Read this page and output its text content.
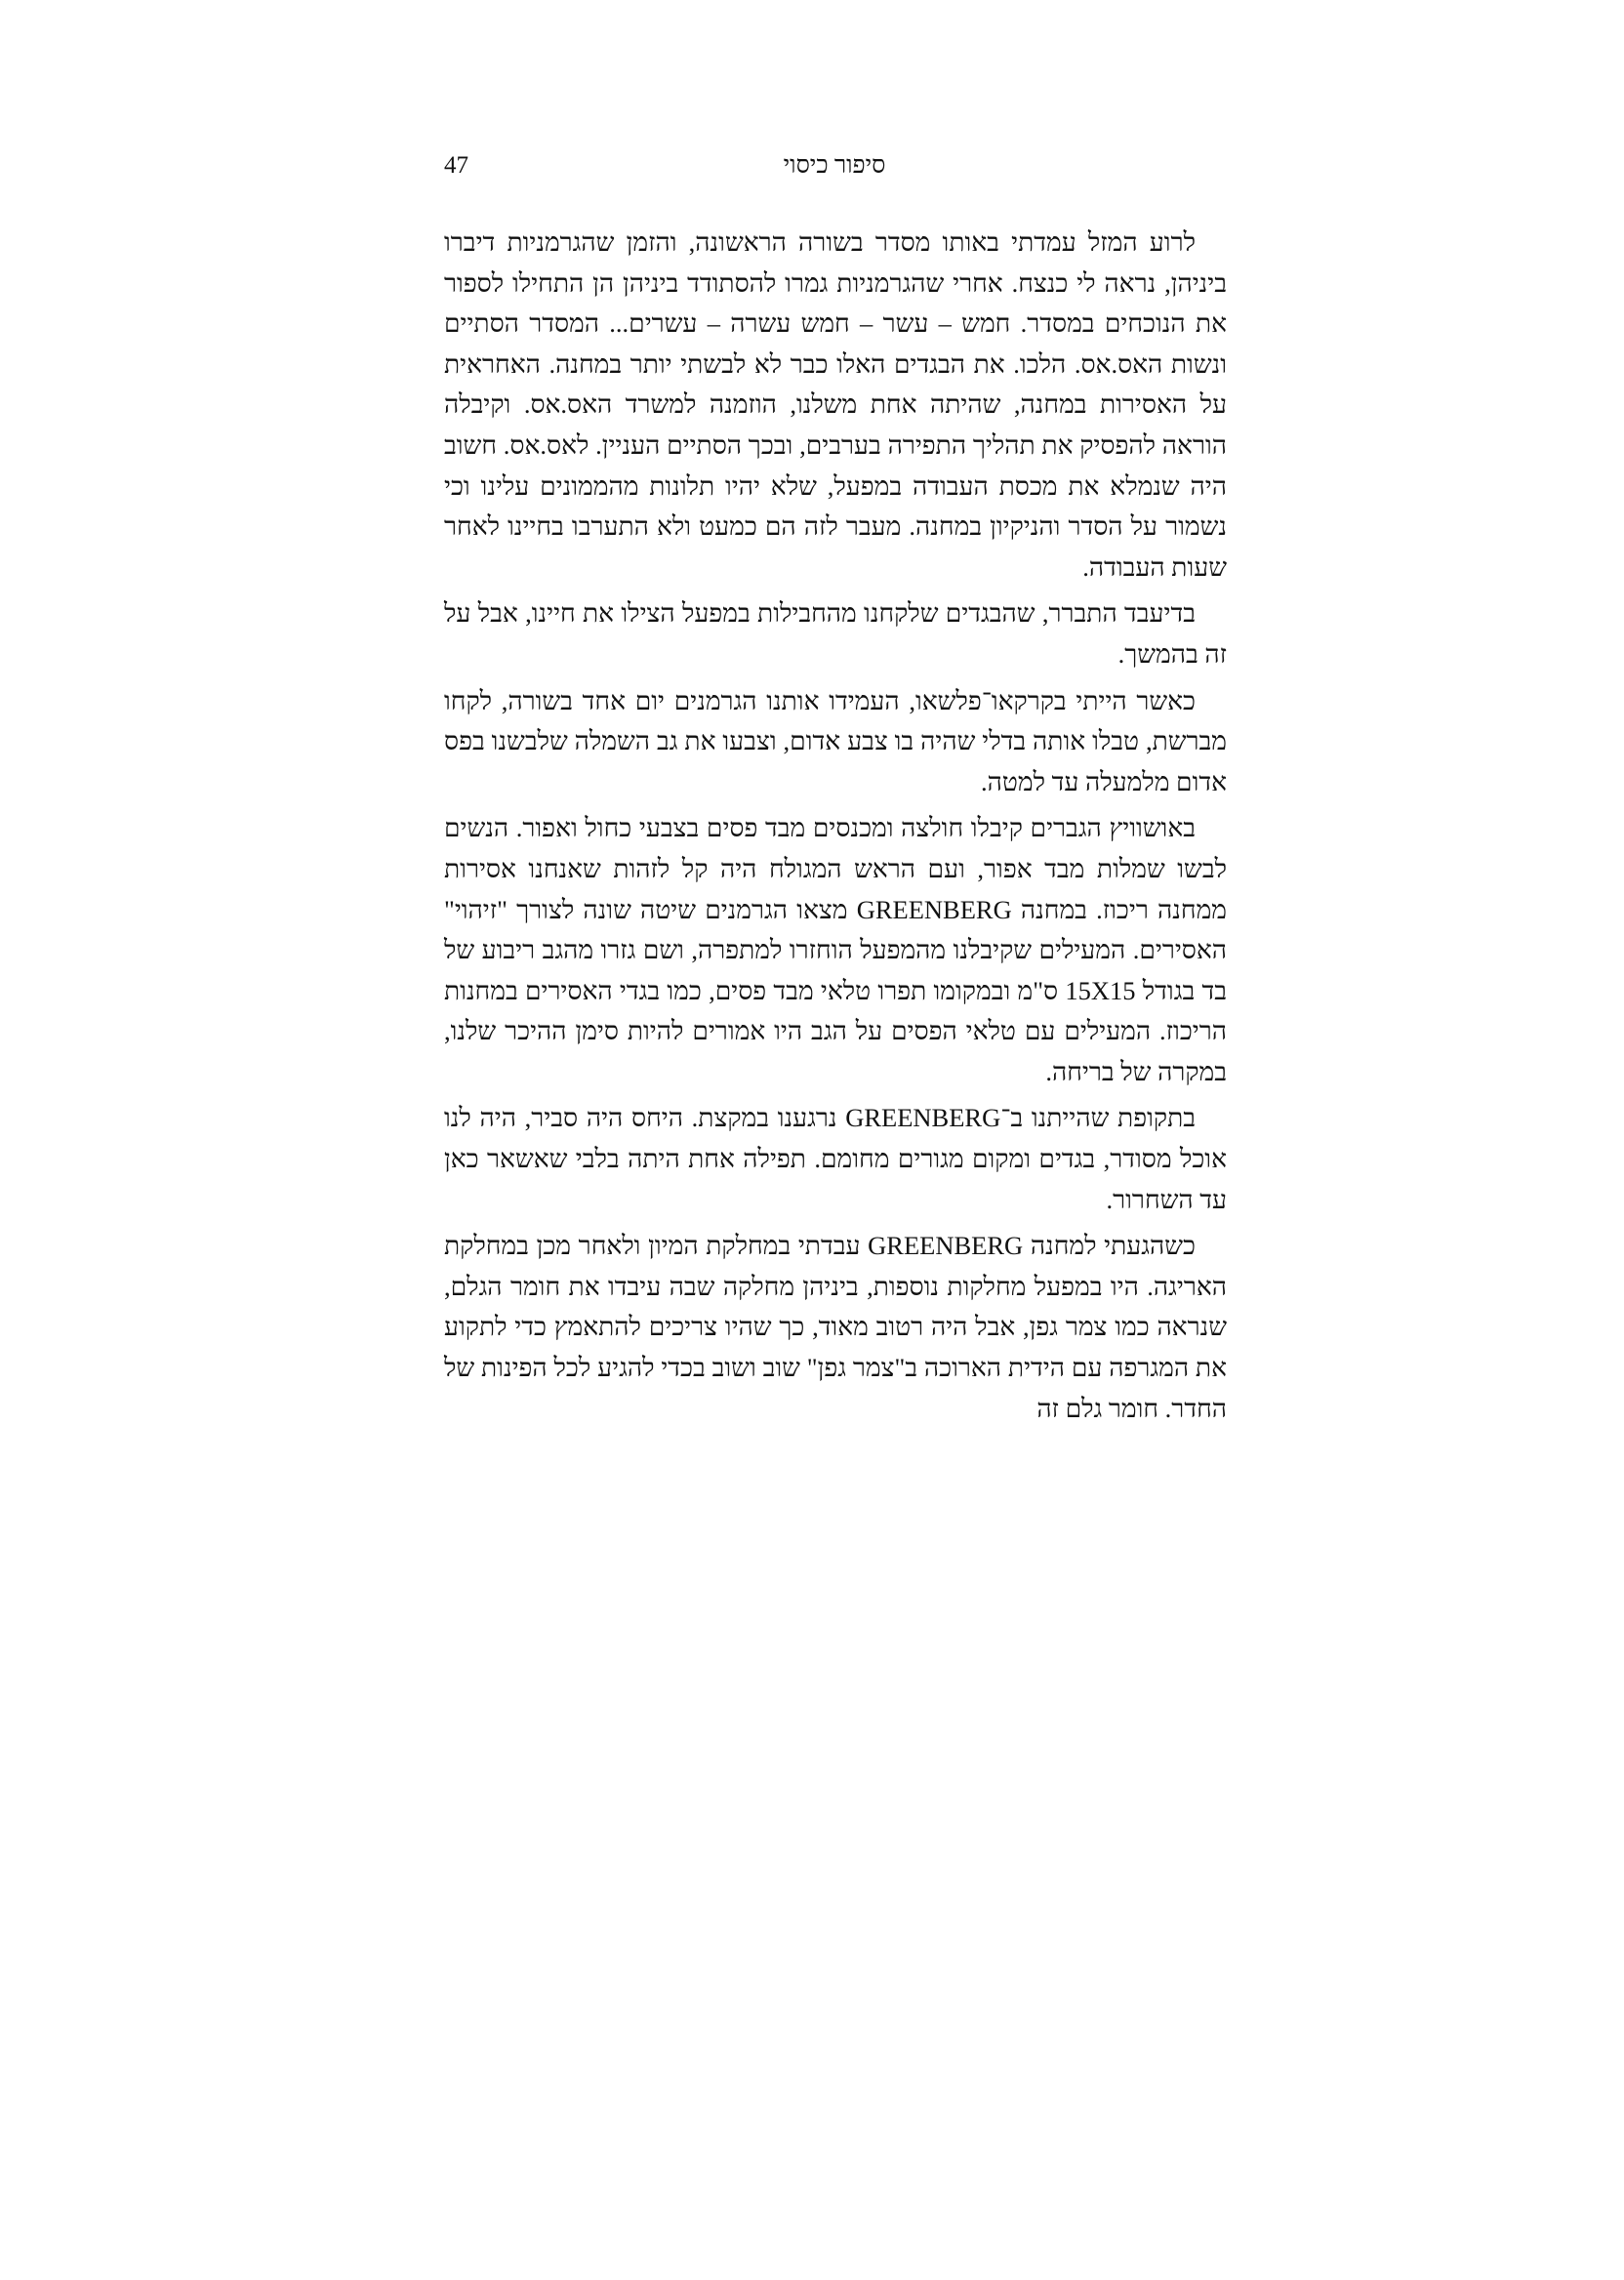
47	סיפור כיסוי

לרוע המזל עמדתי באותו מסדר בשורה הראשונה, והזמן שהגרמניות דיברו ביניהן, נראה לי כנצח. אחרי שהגרמניות גמרו להסתודד ביניהן הן התחילו לספור את הנוכחים במסדר. חמש – עשר – חמש עשרה – עשרים... המסדר הסתיים ונשות האס.אס. הלכו. את הבגדים האלו כבר לא לבשתי יותר במחנה. האחראית על האסירות במחנה, שהיתה אחת משלנו, הוזמנה למשרד האס.אס. וקיבלה הוראה להפסיק את תהליך התפירה בערבים, ובכך הסתיים העניין. לאס.אס. חשוב היה שנמלא את מכסת העבודה במפעל, שלא יהיו תלונות מהממונים עלינו וכי נשמור על הסדר והניקיון במחנה. מעבר לזה הם כמעט ולא התערבו בחיינו לאחר שעות העבודה.

בדיעבד התברר, שהבגדים שלקחנו מהחבילות במפעל הצילו את חיינו, אבל על זה בהמשך.

כאשר הייתי בקרקאו־פלשאו, העמידו אותנו הגרמנים יום אחד בשורה, לקחו מברשת, טבלו אותה בדלי שהיה בו צבע אדום, וצבעו את גב השמלה שלבשנו בפס אדום מלמעלה עד למטה.

באושוויץ הגברים קיבלו חולצה ומכנסים מבד פסים בצבעי כחול ואפור. הנשים לבשו שמלות מבד אפור, ועם הראש המגולח היה קל לזהות שאנחנו אסירות ממחנה ריכוז. במחנה GREENBERG מצאו הגרמנים שיטה שונה לצורך "זיהוי" האסירים. המעילים שקיבלנו מהמפעל הוחזרו למתפרה, ושם גזרו מהגב ריבוע של בד בגודל 15X15 ס"מ ובמקומו תפרו טלאי מבד פסים, כמו בגדי האסירים במחנות הריכוז. המעילים עם טלאי הפסים על הגב היו אמורים להיות סימן ההיכר שלנו, במקרה של בריחה.

בתקופת שהייתנו ב־GREENBERG נרגענו במקצת. היחס היה סביר, היה לנו אוכל מסודר, בגדים ומקום מגורים מחומם. תפילה אחת היתה בלבי שאשאר כאן עד השחרור.

כשהגעתי למחנה GREENBERG עבדתי במחלקת המיון ולאחר מכן במחלקת האריגה. היו במפעל מחלקות נוספות, ביניהן מחלקה שבה עיבדו את חומר הגלם, שנראה כמו צמר גפן, אבל היה רטוב מאוד, כך שהיו צריכים להתאמץ כדי לתקוע את המגרפה עם הידית הארוכה ב"צמר גפן" שוב ושוב בכדי להגיע לכל הפינות של החדר. חומר גלם זה
